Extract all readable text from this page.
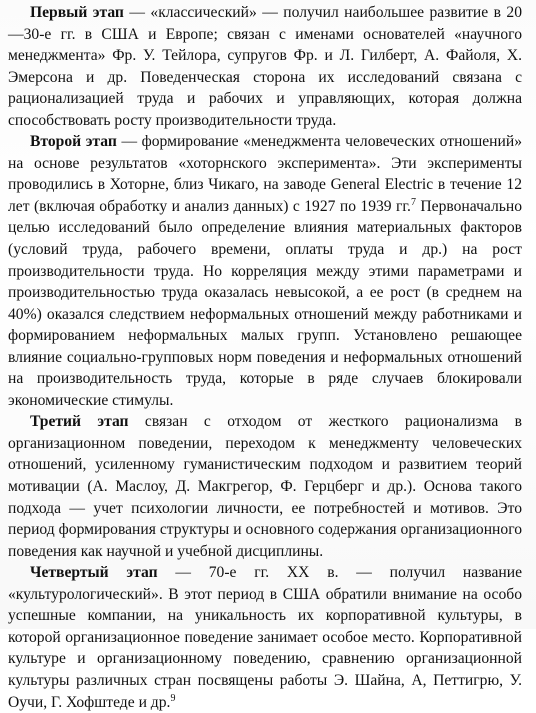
Первый этап — «классический» — получил наибольшее развитие в 20—30-е гг. в США и Европе; связан с именами основателей «научного менеджмента» Фр. У. Тейлора, супругов Фр. и Л. Гилберт, А. Файоля, Х. Эмерсона и др. Поведенческая сторона их исследований связана с рационализацией труда и рабочих и управляющих, которая должна способствовать росту производительности труда.

Второй этап — формирование «менеджмента человеческих отношений» на основе результатов «хоторнского эксперимента». Эти эксперименты проводились в Хоторне, близ Чикаго, на заводе General Electric в течение 12 лет (включая обработку и анализ данных) с 1927 по 1939 гг.$^7$ Первоначально целью исследований было определение влияния материальных факторов (условий труда, рабочего времени, оплаты труда и др.) на рост производительности труда. Но корреляция между этими параметрами и производительностью труда оказалась невысокой, а ее рост (в среднем на 40%) оказался следствием неформальных отношений между работниками и формированием неформальных малых групп. Установлено решающее влияние социально-групповых норм поведения и неформальных отношений на производительность труда, которые в ряде случаев блокировали экономические стимулы.

Третий этап связан с отходом от жесткого рационализма в организационном поведении, переходом к менеджменту человеческих отношений, усиленному гуманистическим подходом и развитием теорий мотивации (А. Маслоу, Д. Макгрегор, Ф. Герцберг и др.). Основа такого подхода — учет психологии личности, ее потребностей и мотивов. Это период формирования структуры и основного содержания организационного поведения как научной и учебной дисциплины.

Четвертый этап — 70-е гг. XX в. — получил название «культурологический». В этот период в США обратили внимание на особо успешные компании, на уникальность их корпоративной культуры, в которой организационное поведение занимает особое место. Корпоративной культуре и организационному поведению, сравнению организационной культуры различных стран посвящены работы Э. Шайна, А, Петтигрю, У. Оучи, Г. Хофштеде и др.$^9$
